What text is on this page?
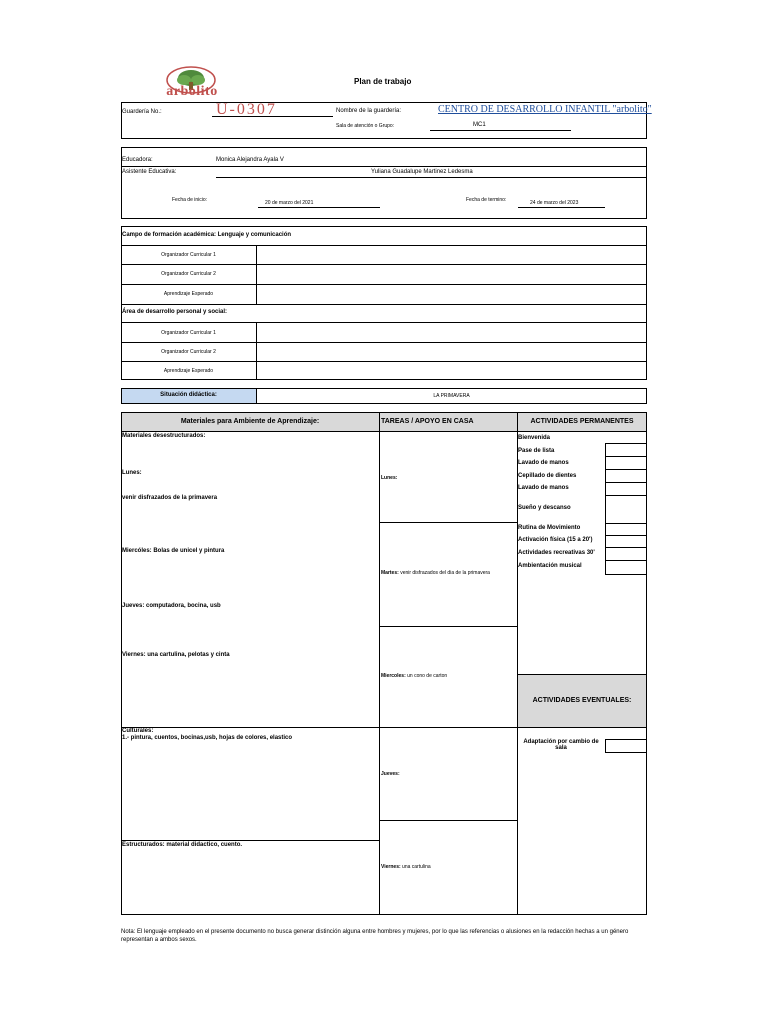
arbolito
Plan de trabajo
Guardería No.:	U-0307	Nombre de la guardería:	CENTRO DE DESARROLLO INFANTIL "arbolito"
Sala de atención o Grupo:	MC1
Educadora:	Monica Alejandra Ayala V
Asistente Educativa:	Yuliana Guadalupe Martinez Ledesma
Fecha de inicio:	20 de marzo del 2021	Fecha de termino:	24 de marzo del 2023
Campo de formación académica: Lenguaje y comunicación
Organizador Curricular 1
Organizador Curricular 2
Aprendizaje Esperado
Área de desarrollo personal y social:
Organizador Curricular 1
Organizador Curricular 2
Aprendizaje Esperado
Situación didáctica:	LA PRIMAVERA
Materiales para Ambiente de Aprendizaje:	TAREAS / APOYO EN CASA	ACTIVIDADES PERMANENTES
Materiales desestructurados:
Lunes:
venir disfrazados de la primavera
Miercóles: Bolas de unicel y pintura
Jueves: computadora, bocina, usb
Viernes: una cartulina, pelotas y cinta
Culturales:
1.- pintura, cuentos, bocinas,usb, hojas de colores, elastico
Estructurados: material didactico, cuento.
Lunes:
Martes: venir disfrazados del dia de la primavera
Miercoles: un cono de carton
Jueves:
Viernes: una cartulina
Bienvenida
Pase de lista
Lavado de manos
Cepillado de dientes
Lavado de manos
Sueño y descanso
Rutina de Movimiento
Activación física (15 a 20')
Actividades recreativas 30'
Ambientación musical
ACTIVIDADES EVENTUALES:
Adaptación por cambio de sala
Nota: El lenguaje empleado en el presente documento no busca generar distinción alguna entre hombres y mujeres, por lo que las referencias o alusiones en la redacción hechas a un género representan a ambos sexos.
